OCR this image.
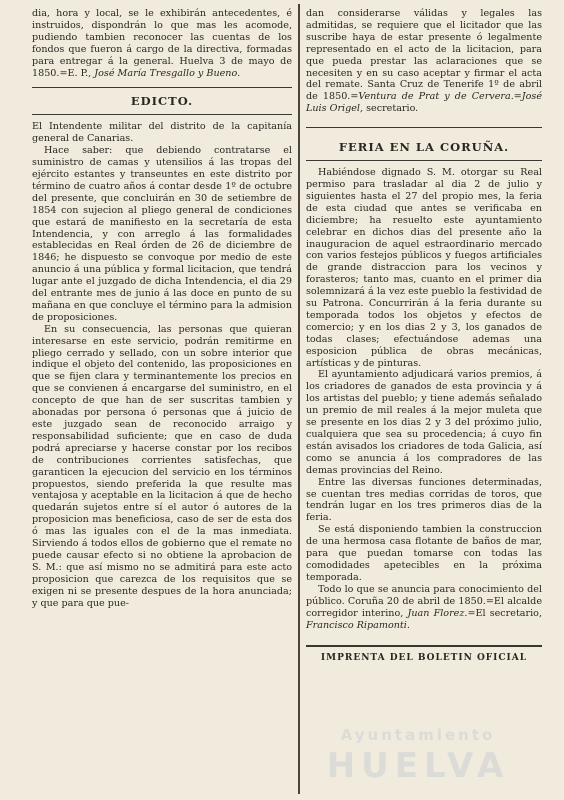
dia, hora y local, se le exhibirán antecedentes, é instruidos, dispondrán lo que mas les acomode, pudiendo tambien reconocer las cuentas de los fondos que fueron á cargo de la directiva, formadas para entregar á la general. Huelva 3 de mayo de 1850.=E. P., José María Tresgallo y Bueno.

EDICTO.

El Intendente militar del distrito de la capitanía general de Canarias.

Hace saber: que debiendo contratarse el suministro de camas y utensilios á las tropas del ejército estantes y transeuntes en este distrito por término de cuatro años á contar desde 1º de octubre del presente, que concluirán en 30 de setiembre de 1854 con sujecion al pliego general de condiciones que estará de manifiesto en la secretaría de esta Intendencia, y con arreglo á las formalidades establecidas en Real órden de 26 de diciembre de 1846; he dispuesto se convoque por medio de este anuncio á una pública y formal licitacion, que tendrá lugar ante el juzgado de dicha Intendencia, el dia 29 del entrante mes de junio á las doce en punto de su mañana en que concluye el término para la admision de proposiciones.

En su consecuencia, las personas que quieran interesarse en este servicio, podrán remitirme en pliego cerrado y sellado, con un sobre interior que indique el objeto del contenido, las proposiciones en que se fijen clara y terminantemente los precios en que se convienen á encargarse del suministro, en el concepto de que han de ser suscritas tambien y abonadas por persona ó personas que á juicio de este juzgado sean de reconocido arraigo y responsabilidad suficiente; que en caso de duda podrá apreciarse y hacerse constar por los recibos de contribuciones corrientes satisfechas, que garanticen la ejecucion del servicio en los términos propuestos, siendo preferida la que resulte mas ventajosa y aceptable en la licitacion á que de hecho quedarán sujetos entre sí el autor ó autores de la proposicion mas beneficiosa, caso de ser de esta dos ó mas las iguales con el de la mas inmediata. Sirviendo á todos ellos de gobierno que el remate no puede causar efecto si no obtiene la aprobacion de S. M.: que así mismo no se admitirá para este acto proposicion que carezca de los requisitos que se exigen ni se presente despues de la hora anunciada; y que para que pue-

dan considerarse válidas y legales las admitidas, se requiere que el licitador que las suscribe haya de estar presente ó legalmente representado en el acto de la licitacion, para que pueda prestar las aclaraciones que se necesiten y en su caso aceptar y firmar el acta del remate. Santa Cruz de Tenerife 1º de abril de 1850.=Ventura de Prat y de Cervera.=José Luis Origel, secretario.

FERIA EN LA CORUÑA.

Habiéndose dignado S. M. otorgar su Real permiso para trasladar al dia 2 de julio y siguientes hasta el 27 del propio mes, la feria de esta ciudad que antes se verificaba en diciembre; ha resuelto este ayuntamiento celebrar en dichos dias del presente año la inauguracion de aquel estraordinario mercado con varios festejos públicos y fuegos artificiales de grande distraccion para los vecinos y forasteros; tanto mas, cuanto en el primer dia solemnizará á la vez este pueblo la festividad de su Patrona. Concurrirán á la feria durante su temporada todos los objetos y efectos de comercio; y en los dias 2 y 3, los ganados de todas clases; efectuándose ademas una esposicion pública de obras mecánicas, artísticas y de pinturas.

El ayuntamiento adjudicará varios premios, á los criadores de ganados de esta provincia y á los artistas del pueblo; y tiene además señalado un premio de mil reales á la mejor muleta que se presente en los dias 2 y 3 del próximo julio, cualquiera que sea su procedencia; á cuyo fin están avisados los criadores de toda Galicia, así como se anuncia á los compradores de las demas provincias del Reino.

Entre las diversas funciones determinadas, se cuentan tres medias corridas de toros, que tendrán lugar en los tres primeros dias de la feria.

Se está disponiendo tambien la construccion de una hermosa casa flotante de baños de mar, para que puedan tomarse con todas las comodidades apetecibles en la próxima temporada.

Todo lo que se anuncia para conocimiento del público. Coruña 20 de abril de 1850.=El alcalde corregidor interino, Juan Florez.=El secretario, Francisco Ripamonti.

IMPRENTA DEL BOLETIN OFICIAL
Ayuntamiento
HUELVA
